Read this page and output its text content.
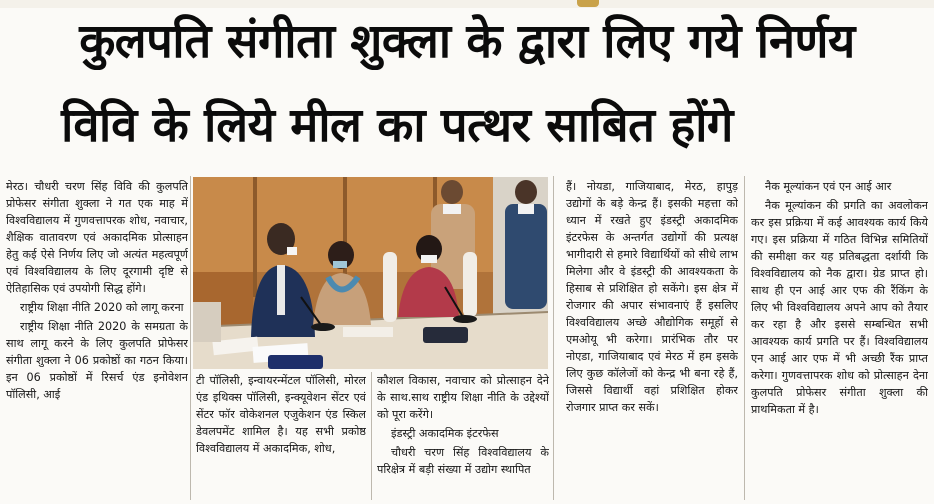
कुलपति संगीता शुक्ला के द्वारा लिए गये निर्णय
विवि के लिये मील का पत्थर साबित होंगे

मेरठ। चौधरी चरण सिंह विवि की कुलपति प्रोफेसर संगीता शुक्ला ने गत एक माह में विश्वविद्यालय में गुणवत्तापरक शोध, नवाचार, शैक्षिक वातावरण एवं अकादमिक प्रोत्साहन हेतु कई ऐसे निर्णय लिए जो अत्यंत महत्वपूर्ण एवं विश्वविद्यालय के लिए दूरगामी दृष्टि से ऐतिहासिक एवं उपयोगी सिद्ध होंगे।

राष्ट्रीय शिक्षा नीति 2020 को लागू करना

राष्ट्रीय शिक्षा नीति 2020 के समग्रता के साथ लागू करने के लिए कुलपति प्रोफेसर संगीता शुक्ला ने 06 प्रकोष्ठों का गठन किया। इन 06 प्रकोष्ठों में रिसर्च एंड इनोवेशन पॉलिसी, आई

टी पॉलिसी, इन्वायरन्मेंटल पॉलिसी, मोरल एंड इथिक्स पॉलिसी, इन्क्यूवेशन सेंटर एवं सेंटर फॉर वोकेशनल एजुकेशन एंड स्किल डेवलपमेंट शामिल है। यह सभी प्रकोष्ठ विश्वविद्यालय में अकादमिक, शोध,

कौशल विकास, नवाचार को प्रोत्साहन देने के साथ.साथ राष्ट्रीय शिक्षा नीति के उद्देश्यों को पूरा करेंगे।

इंडस्ट्री अकादमिक इंटरफेस

चौधरी चरण सिंह विश्वविद्यालय के परिक्षेत्र में बड़ी संख्या में उद्योग स्थापित

हैं। नोयडा, गाजियाबाद, मेरठ, हापुड़ उद्योगों के बड़े केन्द्र हैं। इसकी महत्ता को ध्यान में रखते हुए इंडस्ट्री अकादमिक इंटरफेस के अन्तर्गत उद्योगों की प्रत्यक्ष भागीदारी से हमारे विद्यार्थियों को सीधे लाभ मिलेगा और वे इंडस्ट्री की आवश्यकता के हिसाब से प्रशिक्षित हो सकेंगे। इस क्षेत्र में रोजगार की अपार संभावनाएं हैं इसलिए विश्वविद्यालय अच्छे औद्योगिक समूहों से एमओयू भी करेगा। प्रारंभिक तौर पर नोएडा, गाजियाबाद एवं मेरठ में हम इसके लिए कुछ कॉलेजों को केन्द्र भी बना रहे हैं, जिससे विद्यार्थी वहां प्रशिक्षित होकर रोजगार प्राप्त कर सकें।

नैक मूल्यांकन एवं एन आई आर

नैक मूल्यांकन की प्रगति का अवलोकन कर इस प्रक्रिया में कई आवश्यक कार्य किये गए। इस प्रक्रिया में गठित विभिन्न समितियों की समीक्षा कर यह प्रतिबद्धता दर्शायी कि विश्वविद्यालय को नैक द्वारा। ग्रेड प्राप्त हो। साथ ही एन आई आर एफ की रैंकिंग के लिए भी विश्वविद्यालय अपने आप को तैयार कर रहा है और इससे सम्बन्धित सभी आवश्यक कार्य प्रगति पर हैं। विश्वविद्यालय एन आई आर एफ में भी अच्छी रैंक प्राप्त करेगा। गुणवत्तापरक शोध को प्रोत्साहन देना कुलपति प्रोफेसर संगीता शुक्ला की प्राथमिकता में है।
